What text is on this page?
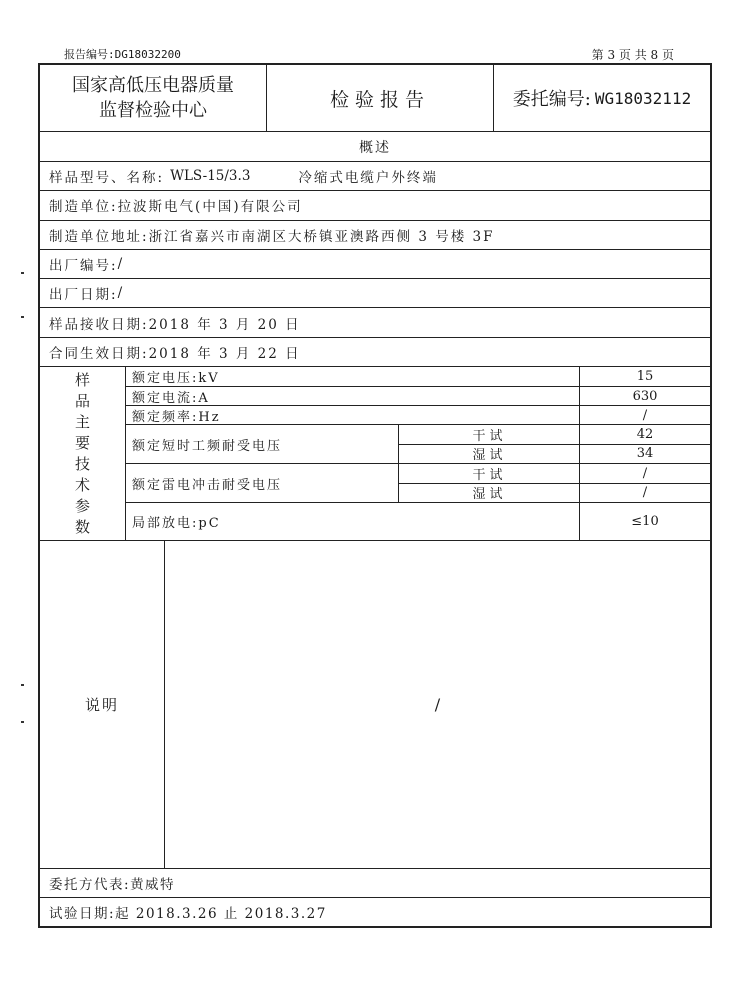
报告编号:DG18032200	第 3 页 共 8 页
国家高低压电器质量
监督检验中心	检验报告	委托编号: WG18032112
概述
样品型号、名称: WLS-15/3.3	冷缩式电缆户外终端
制造单位: 拉波斯电气(中国)有限公司
制造单位地址: 浙江省嘉兴市南湖区大桥镇亚澳路西侧 3 号楼 3F
出厂编号: /
出厂日期: /
样品接收日期: 2018 年 3 月 20 日
合同生效日期: 2018 年 3 月 22 日
样
品
主
要
技
术
参
数
额定电压:kV	15
额定电流:A	630
额定频率:Hz	/
额定短时工频耐受电压
干试	42
湿试	34
额定雷电冲击耐受电压
干试	/
湿试	/
局部放电:pC	≤10
说明	/
委托方代表: 黄威特
试验日期: 起 2018.3.26 止 2018.3.27
